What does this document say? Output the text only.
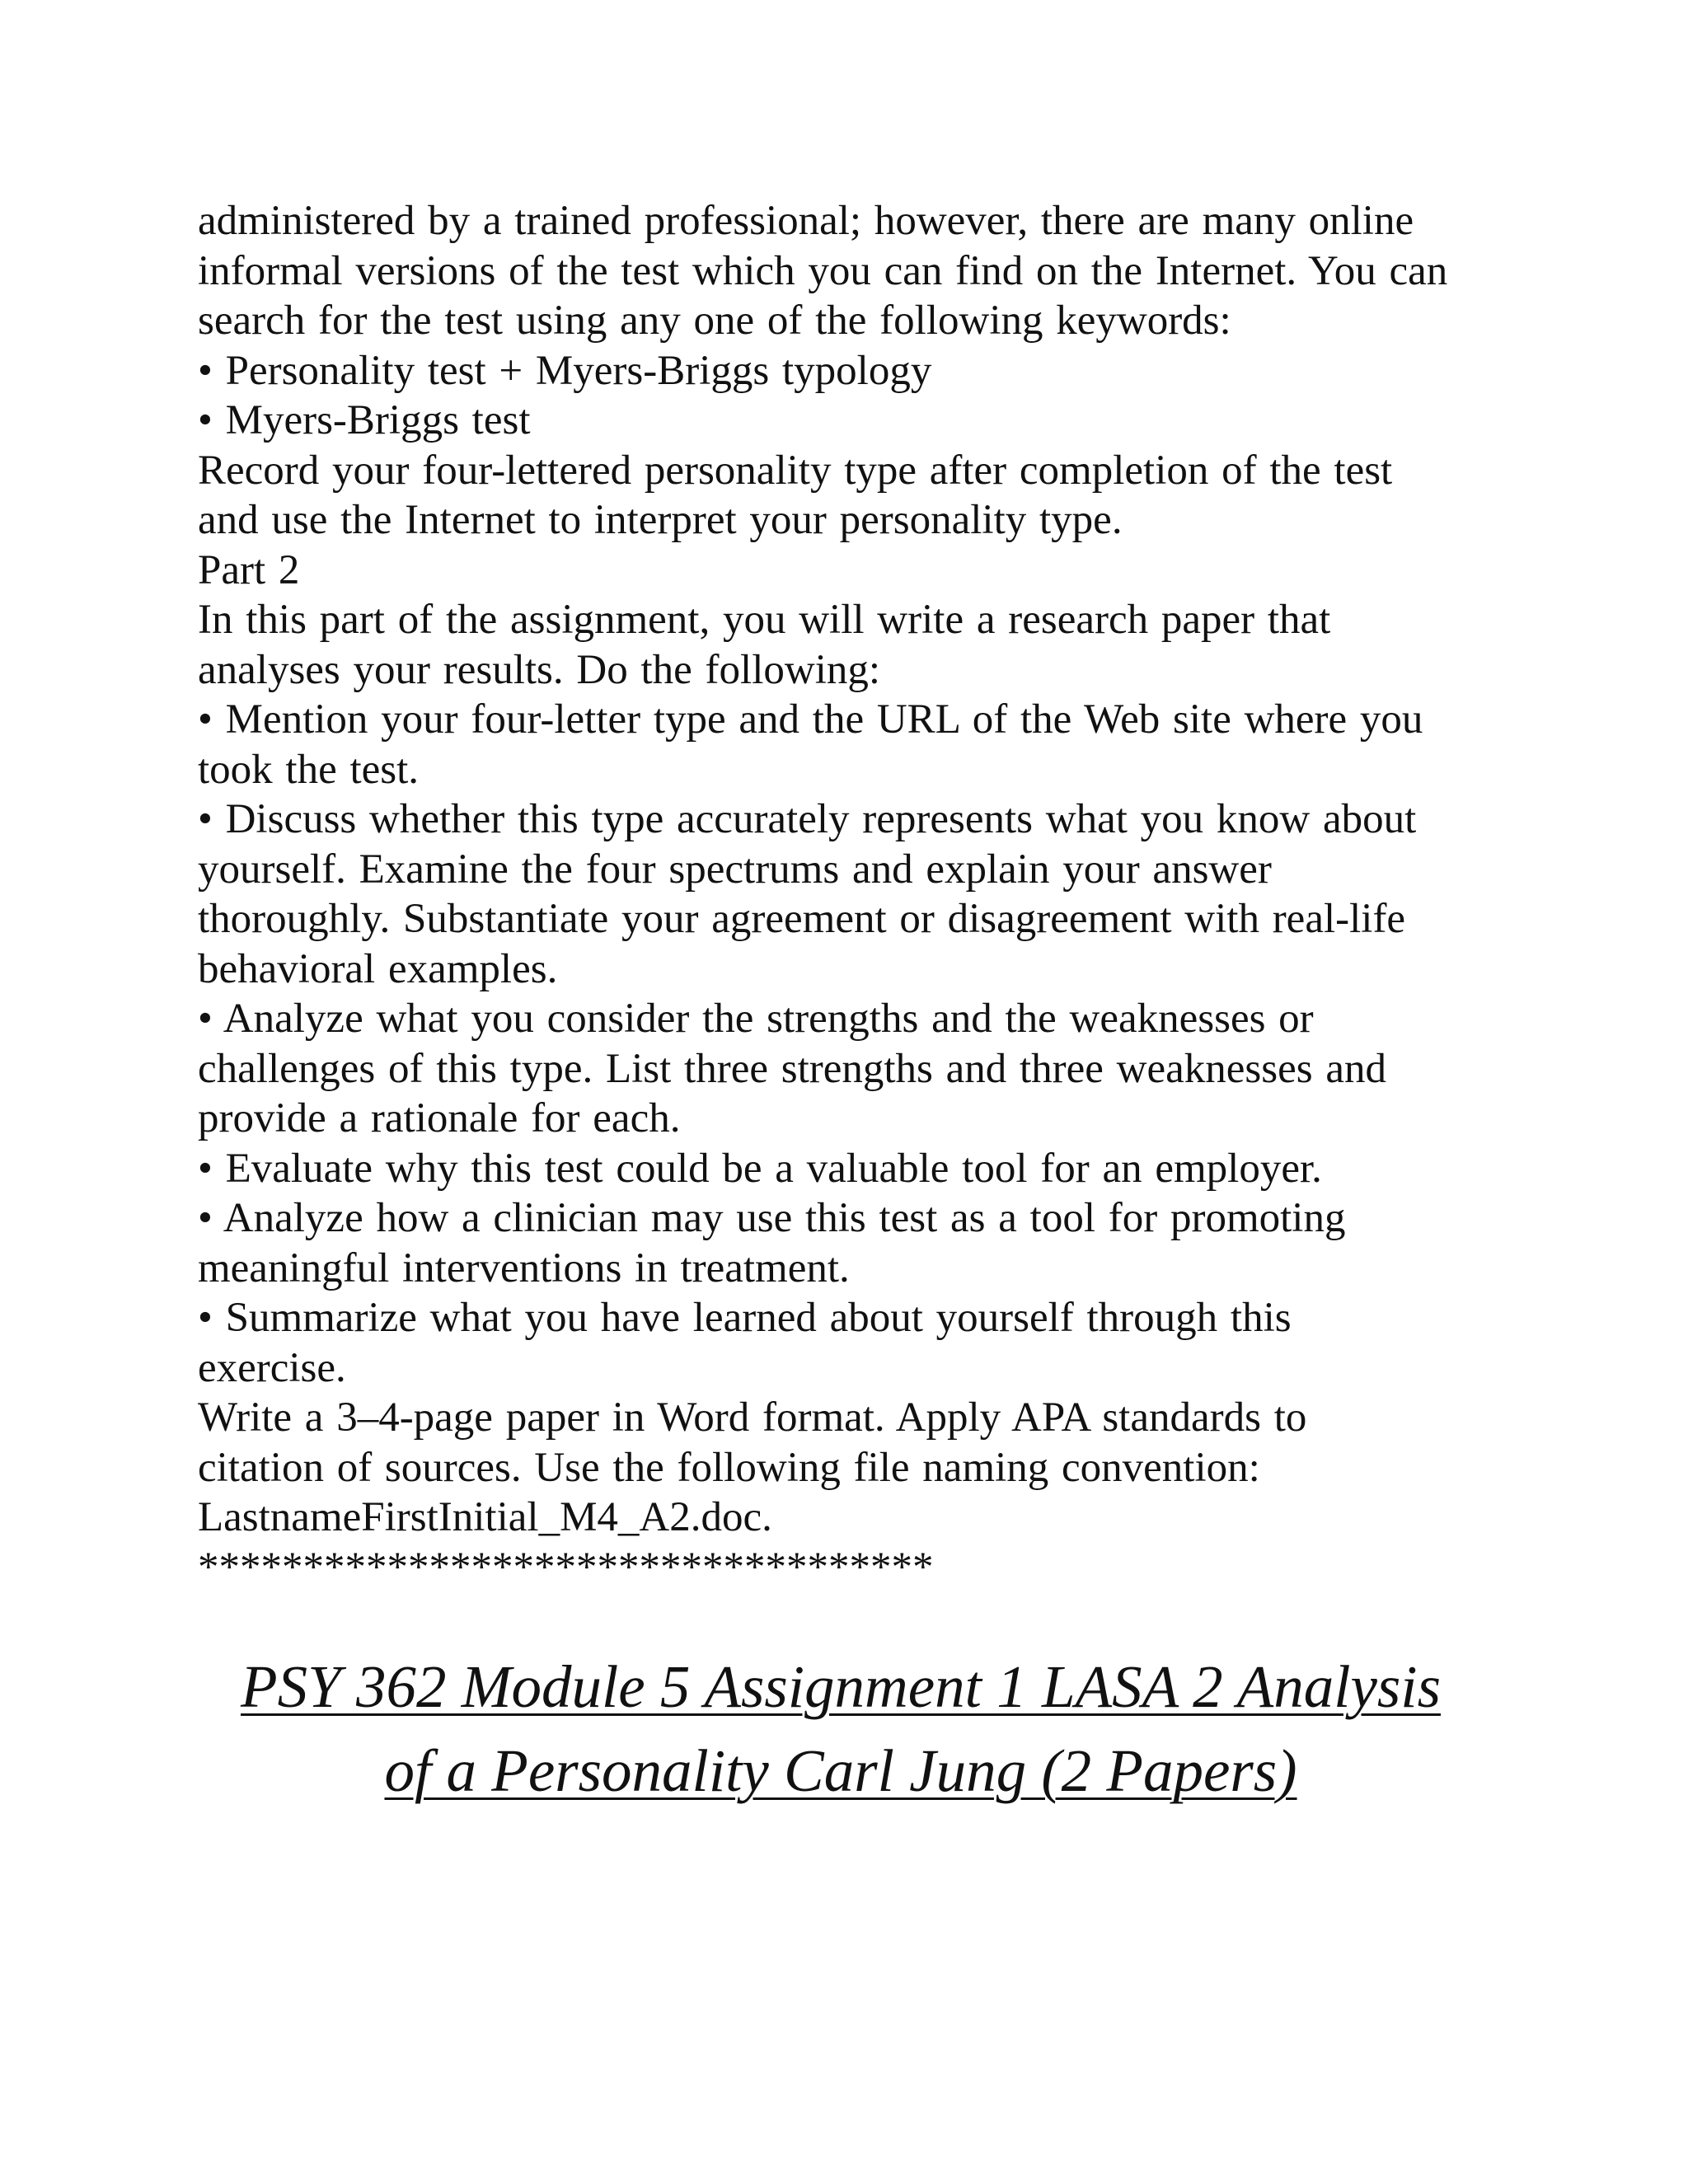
administered by a trained professional; however, there are many online
informal versions of the test which you can find on the Internet. You can
search for the test using any one of the following keywords:
• Personality test + Myers-Briggs typology
• Myers-Briggs test
Record your four-lettered personality type after completion of the test
and use the Internet to interpret your personality type.
Part 2
In this part of the assignment, you will write a research paper that
analyses your results. Do the following:
• Mention your four-letter type and the URL of the Web site where you
took the test.
• Discuss whether this type accurately represents what you know about
yourself. Examine the four spectrums and explain your answer
thoroughly. Substantiate your agreement or disagreement with real-life
behavioral examples.
• Analyze what you consider the strengths and the weaknesses or
challenges of this type. List three strengths and three weaknesses and
provide a rationale for each.
• Evaluate why this test could be a valuable tool for an employer.
• Analyze how a clinician may use this test as a tool for promoting
meaningful interventions in treatment.
• Summarize what you have learned about yourself through this
exercise.
Write a 3–4-page paper in Word format. Apply APA standards to
citation of sources. Use the following file naming convention:
LastnameFirstInitial_M4_A2.doc.
***********************************
PSY 362 Module 5 Assignment 1 LASA 2 Analysis
of a Personality Carl Jung (2 Papers)
